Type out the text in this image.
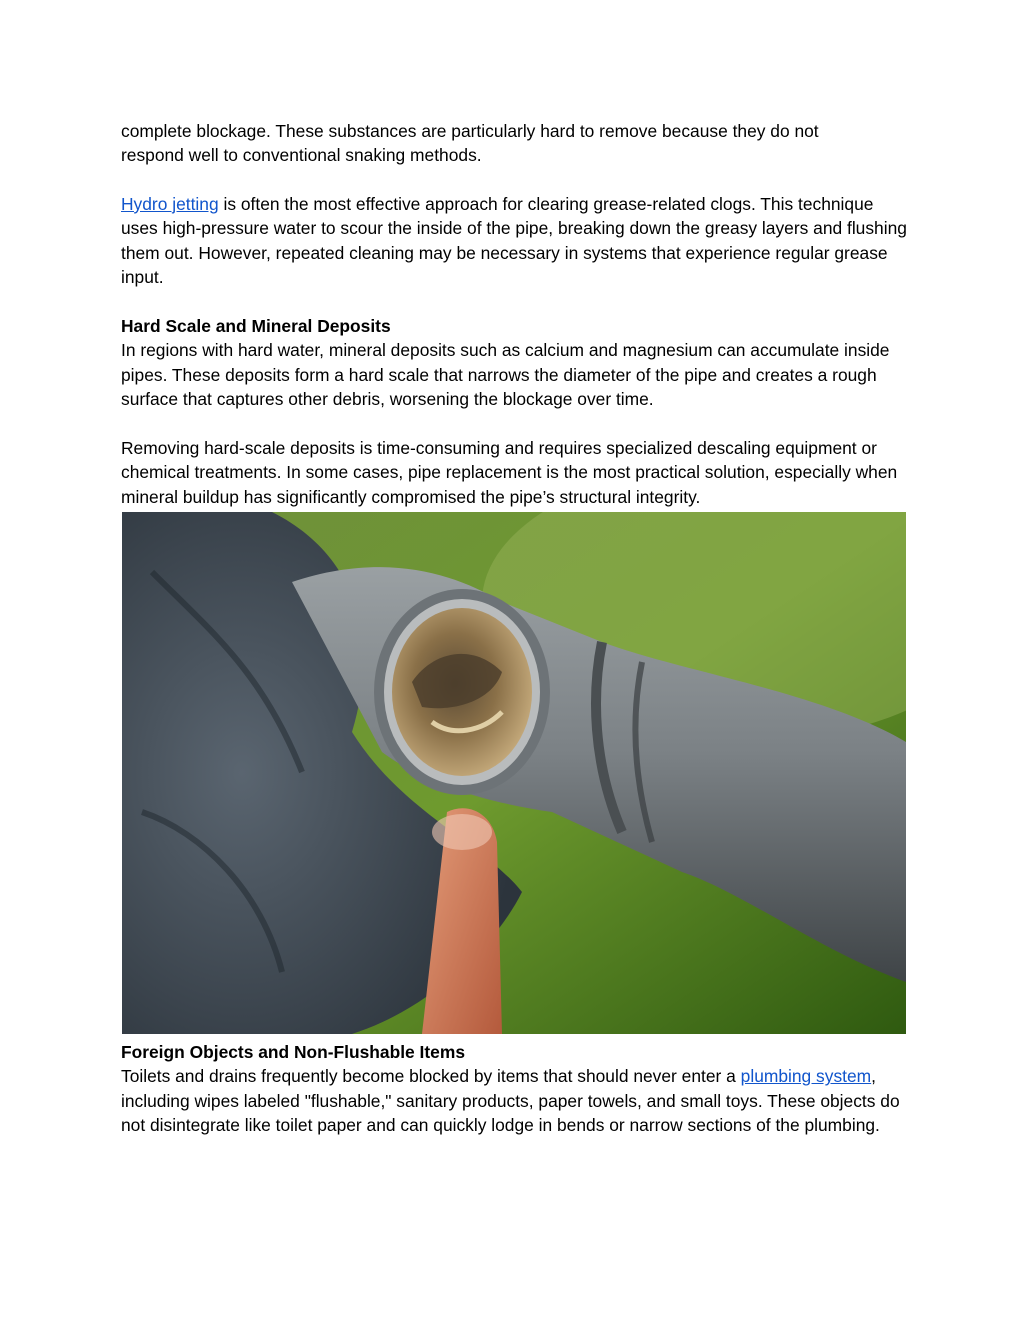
complete blockage. These substances are particularly hard to remove because they do not
respond well to conventional snaking methods.

Hydro jetting is often the most effective approach for clearing grease-related clogs. This technique uses high-pressure water to scour the inside of the pipe, breaking down the greasy layers and flushing them out. However, repeated cleaning may be necessary in systems that experience regular grease input.

Hard Scale and Mineral Deposits
In regions with hard water, mineral deposits such as calcium and magnesium can accumulate inside pipes. These deposits form a hard scale that narrows the diameter of the pipe and creates a rough surface that captures other debris, worsening the blockage over time.

Removing hard-scale deposits is time-consuming and requires specialized descaling equipment or chemical treatments. In some cases, pipe replacement is the most practical solution, especially when mineral buildup has significantly compromised the pipe’s structural integrity.

Foreign Objects and Non-Flushable Items
Toilets and drains frequently become blocked by items that should never enter a plumbing system, including wipes labeled "flushable," sanitary products, paper towels, and small toys. These objects do not disintegrate like toilet paper and can quickly lodge in bends or narrow sections of the plumbing.
